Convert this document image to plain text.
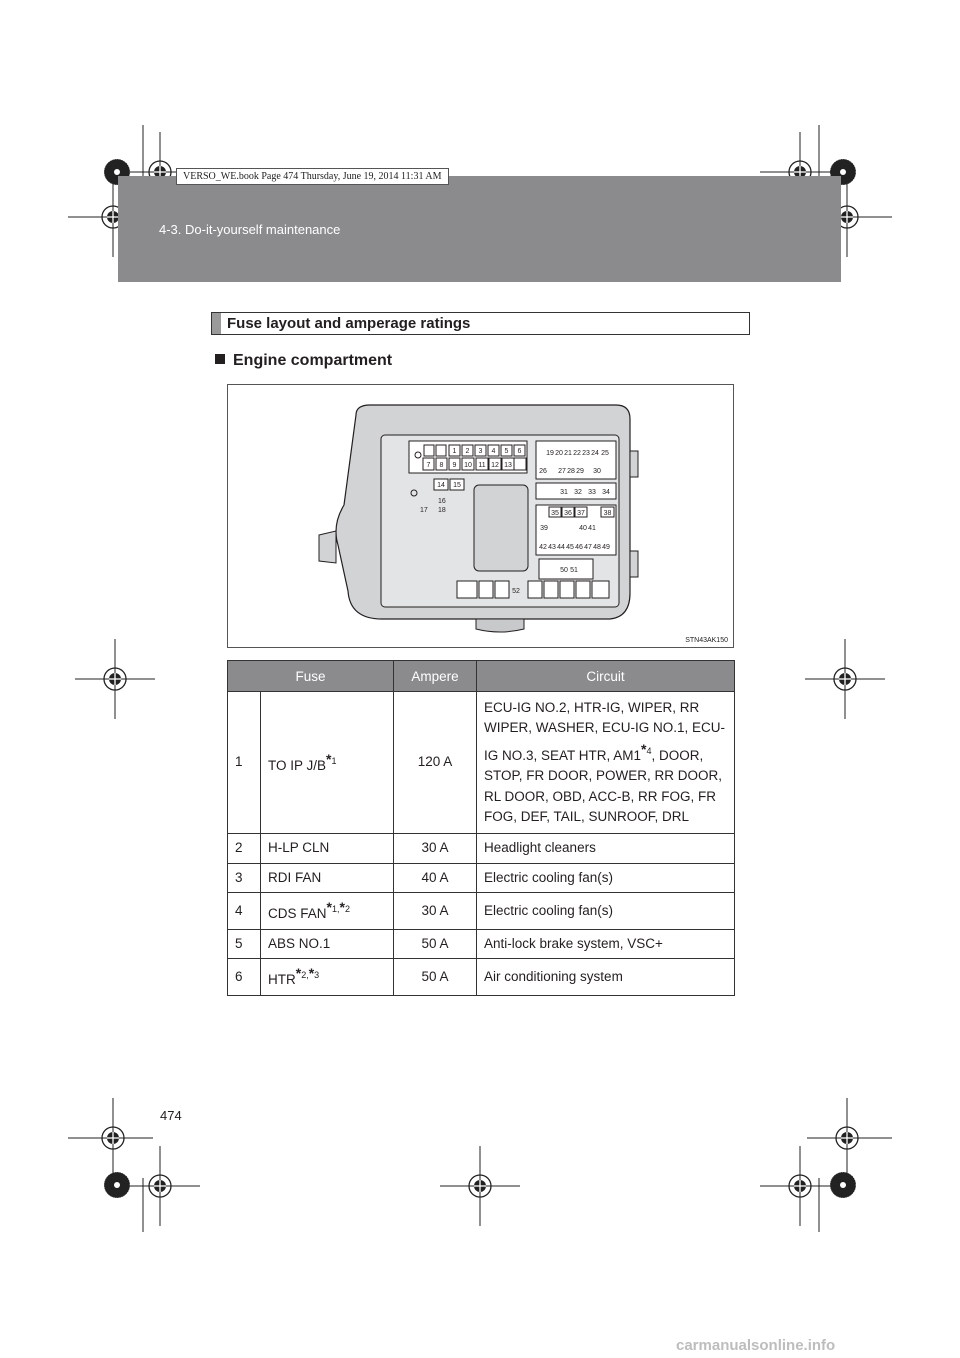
4-3. Do-it-yourself maintenance
VERSO_WE.book Page 474 Thursday, June 19, 2014 11:31 AM
Fuse layout and amperage ratings
Engine compartment
1 2 3 4 5 6
7 8 9 10 11 12 13
14 15
16
17 18
19 20 21 22 23 24 25
26 27 28 29 30
31 32 33 34
35 36 37	38
39	40 41
42 43 44 45 46 47 48 49
50 51
52
STN43AK150
Fuse		Ampere	Circuit
1	TO IP $J/B^{*1}$	120 A	ECU-IG NO.2, HTR-IG, WIPER, RR WIPER, WASHER, ECU-IG NO.1, ECU-IG NO.3, SEAT HTR, AM1$^{*4}$, DOOR, STOP, FR DOOR, POWER, RR DOOR, RL DOOR, OBD, ACC-B, RR FOG, FR FOG, DEF, TAIL, SUNROOF, DRL
2	H-LP CLN	30 A	Headlight cleaners
3	RDI FAN	40 A	Electric cooling fan(s)
4	CDS $FAN^{*1,*2}$	30 A	Electric cooling fan(s)
5	ABS NO.1	50 A	Anti-lock brake system, VSC+
6	$HTR^{*2,*3}$	50 A	Air conditioning system
474
carmanualsonline.info
